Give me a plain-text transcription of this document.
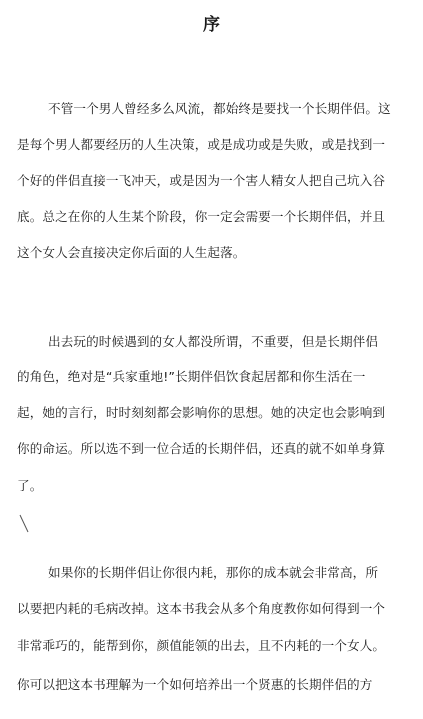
序
不管一个男人曾经多么风流，都始终是要找一个长期伴侣。这
是每个男人都要经历的人生决策，或是成功或是失败，或是找到一
个好的伴侣直接一飞冲天，或是因为一个害人精女人把自己坑入谷
底。总之在你的人生某个阶段，你一定会需要一个长期伴侣，并且
这个女人会直接决定你后面的人生起落。
出去玩的时候遇到的女人都没所谓，不重要，但是长期伴侣
的角色，绝对是“兵家重地!”长期伴侣饮食起居都和你生活在一
起，她的言行，时时刻刻都会影响你的思想。她的决定也会影响到
你的命运。所以选不到一位合适的长期伴侣，还真的就不如单身算
了。
如果你的长期伴侣让你很内耗，那你的成本就会非常高，所
以要把内耗的毛病改掉。这本书我会从多个角度教你如何得到一个
非常乖巧的，能帮到你，颜值能领的出去，且不内耗的一个女人。
你可以把这本书理解为一个如何培养出一个贤惠的长期伴侣的方
